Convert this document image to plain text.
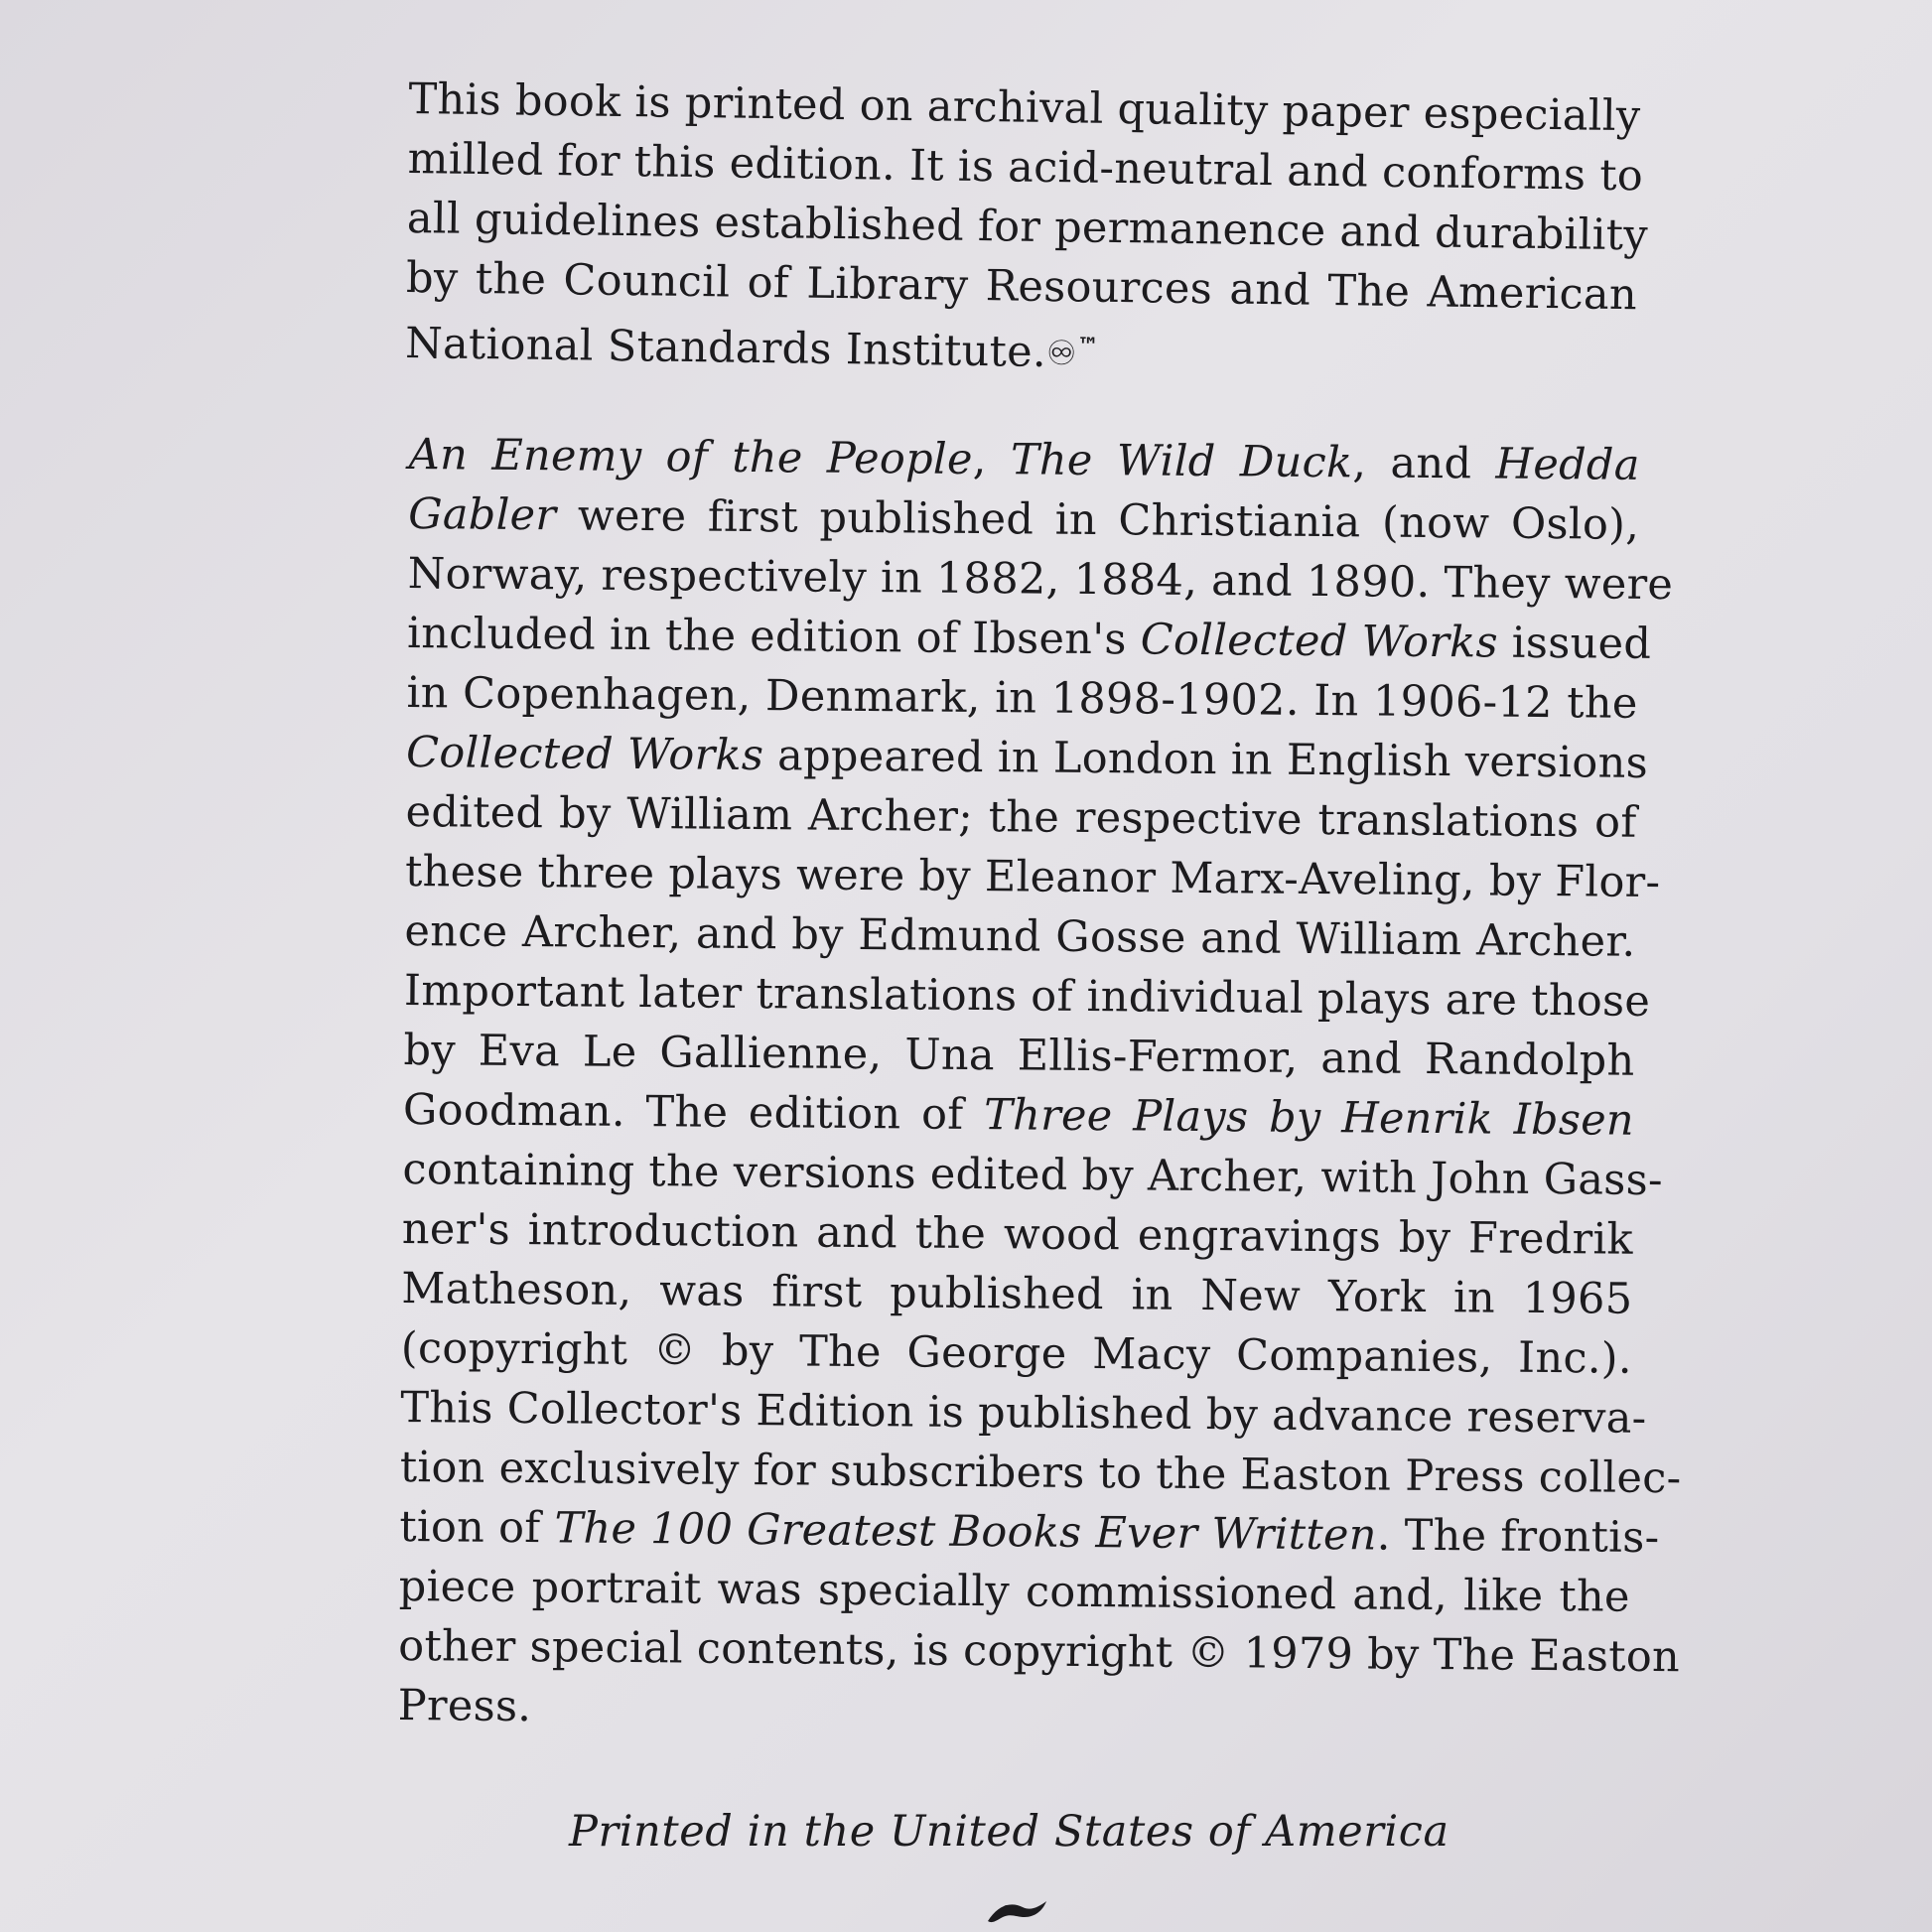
This book is printed on archival quality paper especially
milled for this edition. It is acid-neutral and conforms to
all guidelines established for permanence and durability
by the Council of Library Resources and The American
National Standards Institute.♾™
An Enemy of the People, The Wild Duck, and Hedda
Gabler were first published in Christiania (now Oslo),
Norway, respectively in 1882, 1884, and 1890. They were
included in the edition of Ibsen's Collected Works issued
in Copenhagen, Denmark, in 1898-1902. In 1906-12 the
Collected Works appeared in London in English versions
edited by William Archer; the respective translations of
these three plays were by Eleanor Marx-Aveling, by Flor-
ence Archer, and by Edmund Gosse and William Archer.
Important later translations of individual plays are those
by Eva Le Gallienne, Una Ellis-Fermor, and Randolph
Goodman. The edition of Three Plays by Henrik Ibsen
containing the versions edited by Archer, with John Gass-
ner's introduction and the wood engravings by Fredrik
Matheson, was first published in New York in 1965
(copyright © by The George Macy Companies, Inc.).
This Collector's Edition is published by advance reserva-
tion exclusively for subscribers to the Easton Press collec-
tion of The 100 Greatest Books Ever Written. The frontis-
piece portrait was specially commissioned and, like the
other special contents, is copyright © 1979 by The Easton
Press.
Printed in the United States of America
